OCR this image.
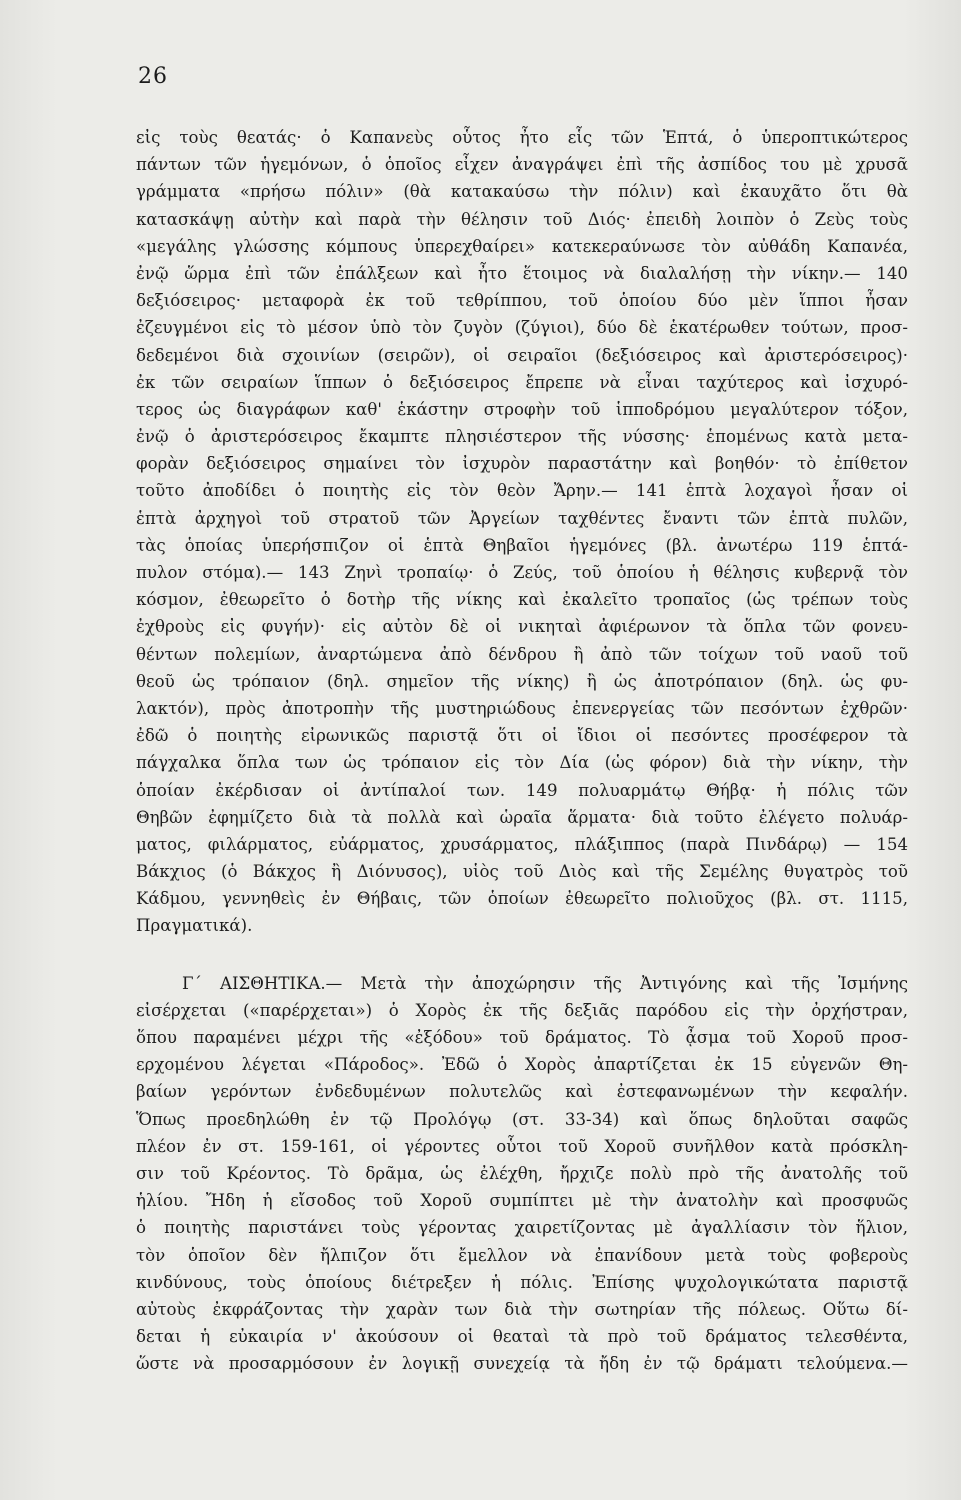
26
εἰς τοὺς θεατάς· ὁ Καπανεὺς οὗτος ἦτο εἷς τῶν Ἑπτά, ὁ ὑπεροπτικώτερος
πάντων τῶν ἡγεμόνων, ὁ ὁποῖος εἶχεν ἀναγράψει ἐπὶ τῆς ἀσπίδος του μὲ χρυσᾶ
γράμματα «πρήσω πόλιν» (θὰ κατακαύσω τὴν πόλιν) καὶ ἐκαυχᾶτο ὅτι θὰ
κατασκάψῃ αὐτὴν καὶ παρὰ τὴν θέλησιν τοῦ Διός· ἐπειδὴ λοιπὸν ὁ Ζεὺς τοὺς
«μεγάλης γλώσσης κόμπους ὑπερεχθαίρει» κατεκεραύνωσε τὸν αὐθάδη Καπανέα,
ἐνῷ ὥρμα ἐπὶ τῶν ἐπάλξεων καὶ ἦτο ἕτοιμος νὰ διαλαλήσῃ τὴν νίκην.— 140
δεξιόσειρος· μεταφορὰ ἐκ τοῦ τεθρίππου, τοῦ ὁποίου δύο μὲν ἵπποι ἦσαν
ἐζευγμένοι εἰς τὸ μέσον ὑπὸ τὸν ζυγὸν (ζύγιοι), δύο δὲ ἑκατέρωθεν τούτων, προσ-
δεδεμένοι διὰ σχοινίων (σειρῶν), οἱ σειραῖοι (δεξιόσειρος καὶ ἀριστερόσειρος)·
ἐκ τῶν σειραίων ἵππων ὁ δεξιόσειρος ἔπρεπε νὰ εἶναι ταχύτερος καὶ ἰσχυρό-
τερος ὡς διαγράφων καθ' ἑκάστην στροφὴν τοῦ ἱπποδρόμου μεγαλύτερον τόξον,
ἐνῷ ὁ ἀριστερόσειρος ἔκαμπτε πλησιέστερον τῆς νύσσης· ἑπομένως κατὰ μετα-
φορὰν δεξιόσειρος σημαίνει τὸν ἰσχυρὸν παραστάτην καὶ βοηθόν· τὸ ἐπίθετον
τοῦτο ἀποδίδει ὁ ποιητὴς εἰς τὸν θεὸν Ἄρην.— 141 ἑπτὰ λοχαγοὶ ἦσαν οἱ
ἑπτὰ ἀρχηγοὶ τοῦ στρατοῦ τῶν Ἀργείων ταχθέντες ἔναντι τῶν ἑπτὰ πυλῶν,
τὰς ὁποίας ὑπερήσπιζον οἱ ἑπτὰ Θηβαῖοι ἡγεμόνες (βλ. ἀνωτέρω 119 ἑπτά-
πυλον στόμα).— 143 Ζηνὶ τροπαίῳ· ὁ Ζεύς, τοῦ ὁποίου ἡ θέλησις κυβερνᾷ τὸν
κόσμον, ἐθεωρεῖτο ὁ δοτὴρ τῆς νίκης καὶ ἐκαλεῖτο τροπαῖος (ὡς τρέπων τοὺς
ἐχθροὺς εἰς φυγήν)· εἰς αὐτὸν δὲ οἱ νικηταὶ ἀφιέρωνον τὰ ὅπλα τῶν φονευ-
θέντων πολεμίων, ἀναρτώμενα ἀπὸ δένδρου ἢ ἀπὸ τῶν τοίχων τοῦ ναοῦ τοῦ
θεοῦ ὡς τρόπαιον (δηλ. σημεῖον τῆς νίκης) ἢ ὡς ἀποτρόπαιον (δηλ. ὡς φυ-
λακτόν), πρὸς ἀποτροπὴν τῆς μυστηριώδους ἐπενεργείας τῶν πεσόντων ἐχθρῶν·
ἐδῶ ὁ ποιητὴς εἰρωνικῶς παριστᾷ ὅτι οἱ ἴδιοι οἱ πεσόντες προσέφερον τὰ
πάγχαλκα ὅπλα των ὡς τρόπαιον εἰς τὸν Δία (ὡς φόρον) διὰ τὴν νίκην, τὴν
ὁποίαν ἐκέρδισαν οἱ ἀντίπαλοί των. 149 πολυαρμάτῳ Θήβᾳ· ἡ πόλις τῶν
Θηβῶν ἐφημίζετο διὰ τὰ πολλὰ καὶ ὡραῖα ἅρματα· διὰ τοῦτο ἐλέγετο πολυάρ-
ματος, φιλάρματος, εὐάρματος, χρυσάρματος, πλάξιππος (παρὰ Πινδάρῳ) — 154
Βάκχιος (ὁ Βάκχος ἢ Διόνυσος), υἱὸς τοῦ Διὸς καὶ τῆς Σεμέλης θυγατρὸς τοῦ
Κάδμου, γεννηθεὶς ἐν Θήβαις, τῶν ὁποίων ἐθεωρεῖτο πολιοῦχος (βλ. στ. 1115,
Πραγματικά).
Γ΄ ΑΙΣΘΗΤΙΚΑ.— Μετὰ τὴν ἀποχώρησιν τῆς Ἀντιγόνης καὶ τῆς Ἰσμήνης
εἰσέρχεται («παρέρχεται») ὁ Χορὸς ἐκ τῆς δεξιᾶς παρόδου εἰς τὴν ὀρχήστραν,
ὅπου παραμένει μέχρι τῆς «ἐξόδου» τοῦ δράματος. Τὸ ᾆσμα τοῦ Χοροῦ προσ-
ερχομένου λέγεται «Πάροδος». Ἐδῶ ὁ Χορὸς ἀπαρτίζεται ἐκ 15 εὐγενῶν Θη-
βαίων γερόντων ἐνδεδυμένων πολυτελῶς καὶ ἐστεφανωμένων τὴν κεφαλήν.
Ὅπως προεδηλώθη ἐν τῷ Προλόγῳ (στ. 33-34) καὶ ὅπως δηλοῦται σαφῶς
πλέον ἐν στ. 159-161, οἱ γέροντες οὗτοι τοῦ Χοροῦ συνῆλθον κατὰ πρόσκλη-
σιν τοῦ Κρέοντος. Τὸ δρᾶμα, ὡς ἐλέχθη, ἤρχιζε πολὺ πρὸ τῆς ἀνατολῆς τοῦ
ἡλίου. Ἤδη ἡ εἴσοδος τοῦ Χοροῦ συμπίπτει μὲ τὴν ἀνατολὴν καὶ προσφυῶς
ὁ ποιητὴς παριστάνει τοὺς γέροντας χαιρετίζοντας μὲ ἀγαλλίασιν τὸν ἥλιον,
τὸν ὁποῖον δὲν ἤλπιζον ὅτι ἔμελλον νὰ ἐπανίδουν μετὰ τοὺς φοβεροὺς
κινδύνους, τοὺς ὁποίους διέτρεξεν ἡ πόλις. Ἐπίσης ψυχολογικώτατα παριστᾷ
αὐτοὺς ἐκφράζοντας τὴν χαρὰν των διὰ τὴν σωτηρίαν τῆς πόλεως. Οὕτω δί-
δεται ἡ εὐκαιρία ν' ἀκούσουν οἱ θεαταὶ τὰ πρὸ τοῦ δράματος τελεσθέντα,
ὥστε νὰ προσαρμόσουν ἐν λογικῇ συνεχείᾳ τὰ ἤδη ἐν τῷ δράματι τελούμενα.—
